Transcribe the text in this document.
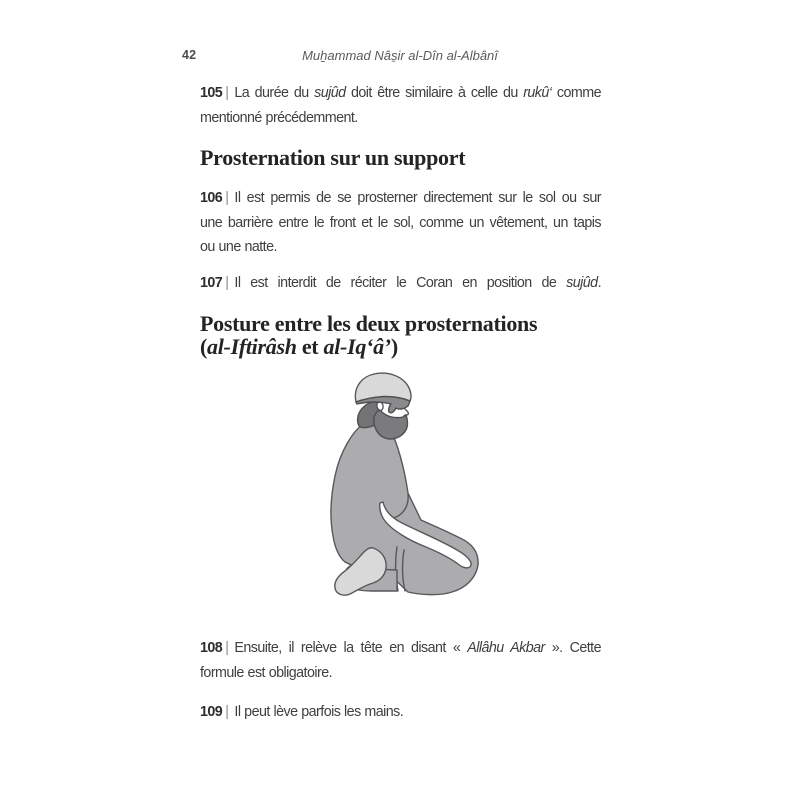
42	Muẖammad Nâs̱ir al-Dîn al-Albânî
105 | La durée du sujûd doit être similaire à celle du rukû‘ comme
mentionné précédemment.
Prosternation sur un support
106 | Il est permis de se prosterner directement sur le sol ou sur
une barrière entre le front et le sol, comme un vêtement, un tapis
ou une natte.
107 | Il est interdit de réciter le Coran en position de sujûd.
Posture entre les deux prosternations
(al-Iftirâsh et al-Iq‘â’)
108 | Ensuite, il relève la tête en disant « Allâhu Akbar ». Cette
formule est obligatoire.
109 | Il peut lève parfois les mains.
